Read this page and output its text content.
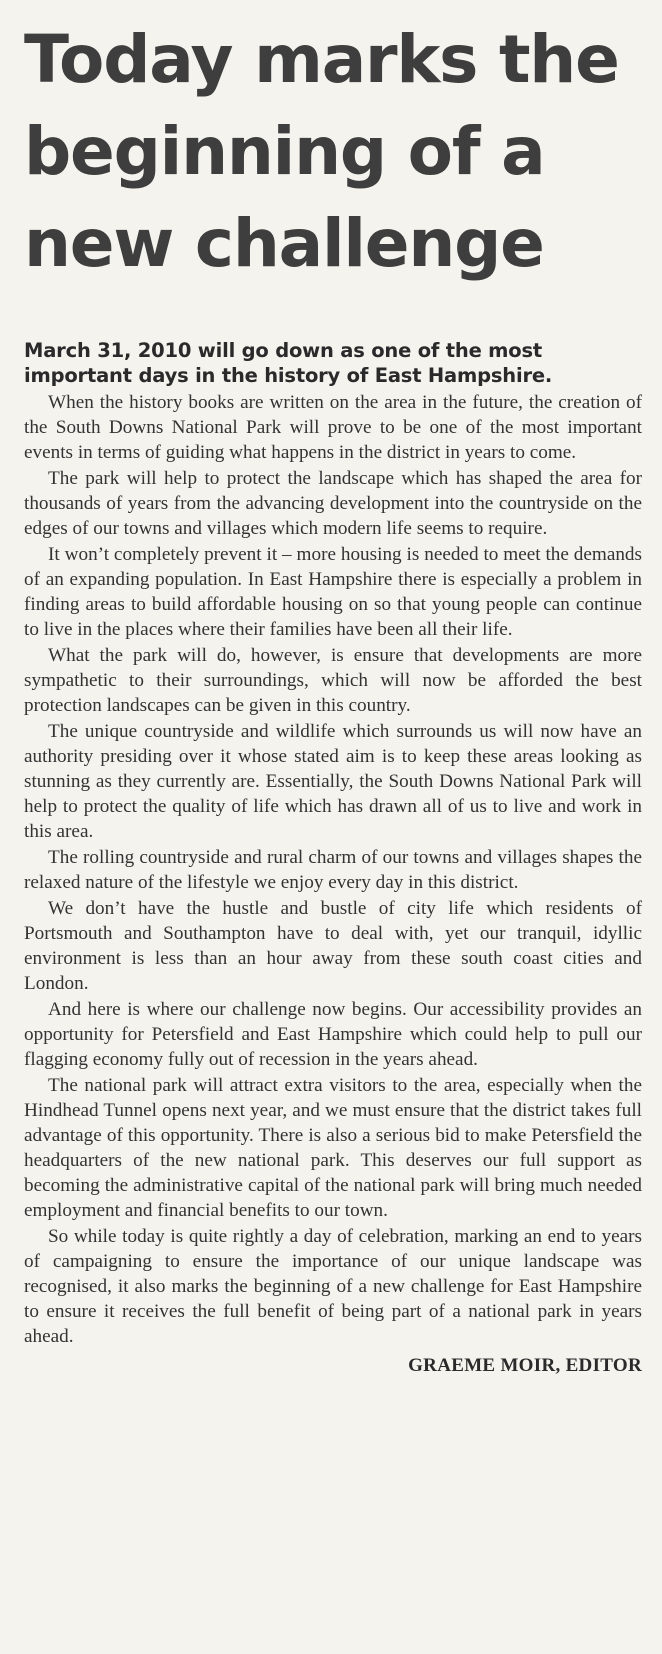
Today marks the
beginning of a
new challenge

March 31, 2010 will go down as one of the most important days in the history of East Hampshire.

When the history books are written on the area in the future, the creation of the South Downs National Park will prove to be one of the most important events in terms of guiding what happens in the district in years to come.

The park will help to protect the landscape which has shaped the area for thousands of years from the advancing development into the countryside on the edges of our towns and villages which modern life seems to require.

It won’t completely prevent it – more housing is needed to meet the demands of an expanding population. In East Hampshire there is especially a problem in finding areas to build affordable housing on so that young people can continue to live in the places where their families have been all their life.

What the park will do, however, is ensure that developments are more sympathetic to their surroundings, which will now be afforded the best protection landscapes can be given in this country.

The unique countryside and wildlife which surrounds us will now have an authority presiding over it whose stated aim is to keep these areas looking as stunning as they currently are. Essentially, the South Downs National Park will help to protect the quality of life which has drawn all of us to live and work in this area.

The rolling countryside and rural charm of our towns and villages shapes the relaxed nature of the lifestyle we enjoy every day in this district.

We don’t have the hustle and bustle of city life which residents of Portsmouth and Southampton have to deal with, yet our tranquil, idyllic environment is less than an hour away from these south coast cities and London.

And here is where our challenge now begins. Our accessibility provides an opportunity for Petersfield and East Hampshire which could help to pull our flagging economy fully out of recession in the years ahead.

The national park will attract extra visitors to the area, especially when the Hindhead Tunnel opens next year, and we must ensure that the district takes full advantage of this opportunity. There is also a serious bid to make Petersfield the headquarters of the new national park. This deserves our full support as becoming the administrative capital of the national park will bring much needed employment and financial benefits to our town.

So while today is quite rightly a day of celebration, marking an end to years of campaigning to ensure the importance of our unique landscape was recognised, it also marks the beginning of a new challenge for East Hampshire to ensure it receives the full benefit of being part of a national park in years ahead.

GRAEME MOIR, EDITOR
